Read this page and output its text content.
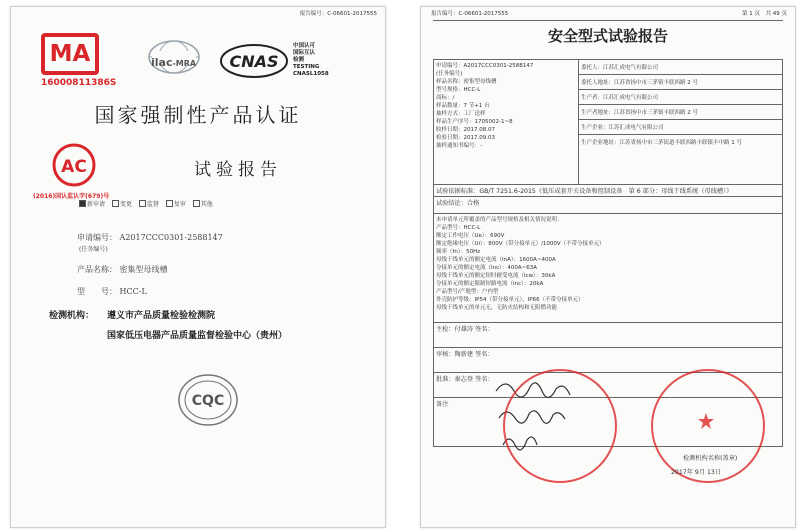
报告编号：C-06601-2017555
MA
16000811386S
ilac-MRA CNAS
中国认可
国际互认
检测
TESTING
CNASL1058
国家强制性产品认证
AC
(2016)国认监认字(679)号
试验报告
新申请 变更 监督 复审 其他
申请编号： A2017CCC0301-2588147
(任务编号)
产品名称： 密集型母线槽
型　　号： HCC-L
检测机构： 遵义市产品质量检验检测院
国家低压电器产品质量监督检验中心（贵州）
CQC
报告编号：C-06601-2017555	第 1 页　共 49 页
安全型式试验报告
申请编号：A2017CCC0301-2588147
(任务编号)
样品名称：密集型母线槽
型号规格：HCC-L
商标：/
样品数量：7 节+1 台
抽样方式：工厂送样
样品生产序号：1705002-1~8
收样日期：2017.08.07
检验日期：2017.09.03
抽样通知书编号：-

委托人：江苏汇成电气有限公司
委托人地址：江苏省扬中市三茅镇丰联西路 2 号
生产者：江苏汇成电气有限公司
生产者地址：江苏省扬中市三茅镇丰联西路 2 号
生产企业：江苏汇成电气有限公司
生产企业地址：江苏省扬中市三茅街道丰联西路丰联镇丰中路 1 号

试验依据标准：GB/T 7251.6-2015《低压成套开关设备和控制设备　第 6 部分：母线干线系统（母线槽）》
试验结论：合格

本申请单元所覆盖的产品型号规格及相关情况说明：
产品型号：HCC-L
额定工作电压（Ue）：690V
额定绝缘电压（Ui）：800V（带分接单元）/1000V（不带分接单元）
频率（fn）：50Hz
母线干线单元的额定电流（InA）：1600A~400A
分接单元的额定电流（Inc）：400A~63A
母线干线单元的额定短时耐受电流（Icw）：30kA
分接单元的额定限制短路电流（Inc）：20kA
产品型号/产地型：户内型
外壳防护等级：IP54（带分接单元），IP66（不带分接单元）
母线干线单元的单元无，无防火结构和无阻燃功能

主检：付雄涛 签名：
审核：陶新建 签名：
批准：秦志登 签名：
备注
检测机构名称(盖章)
2017年 9月 13日
